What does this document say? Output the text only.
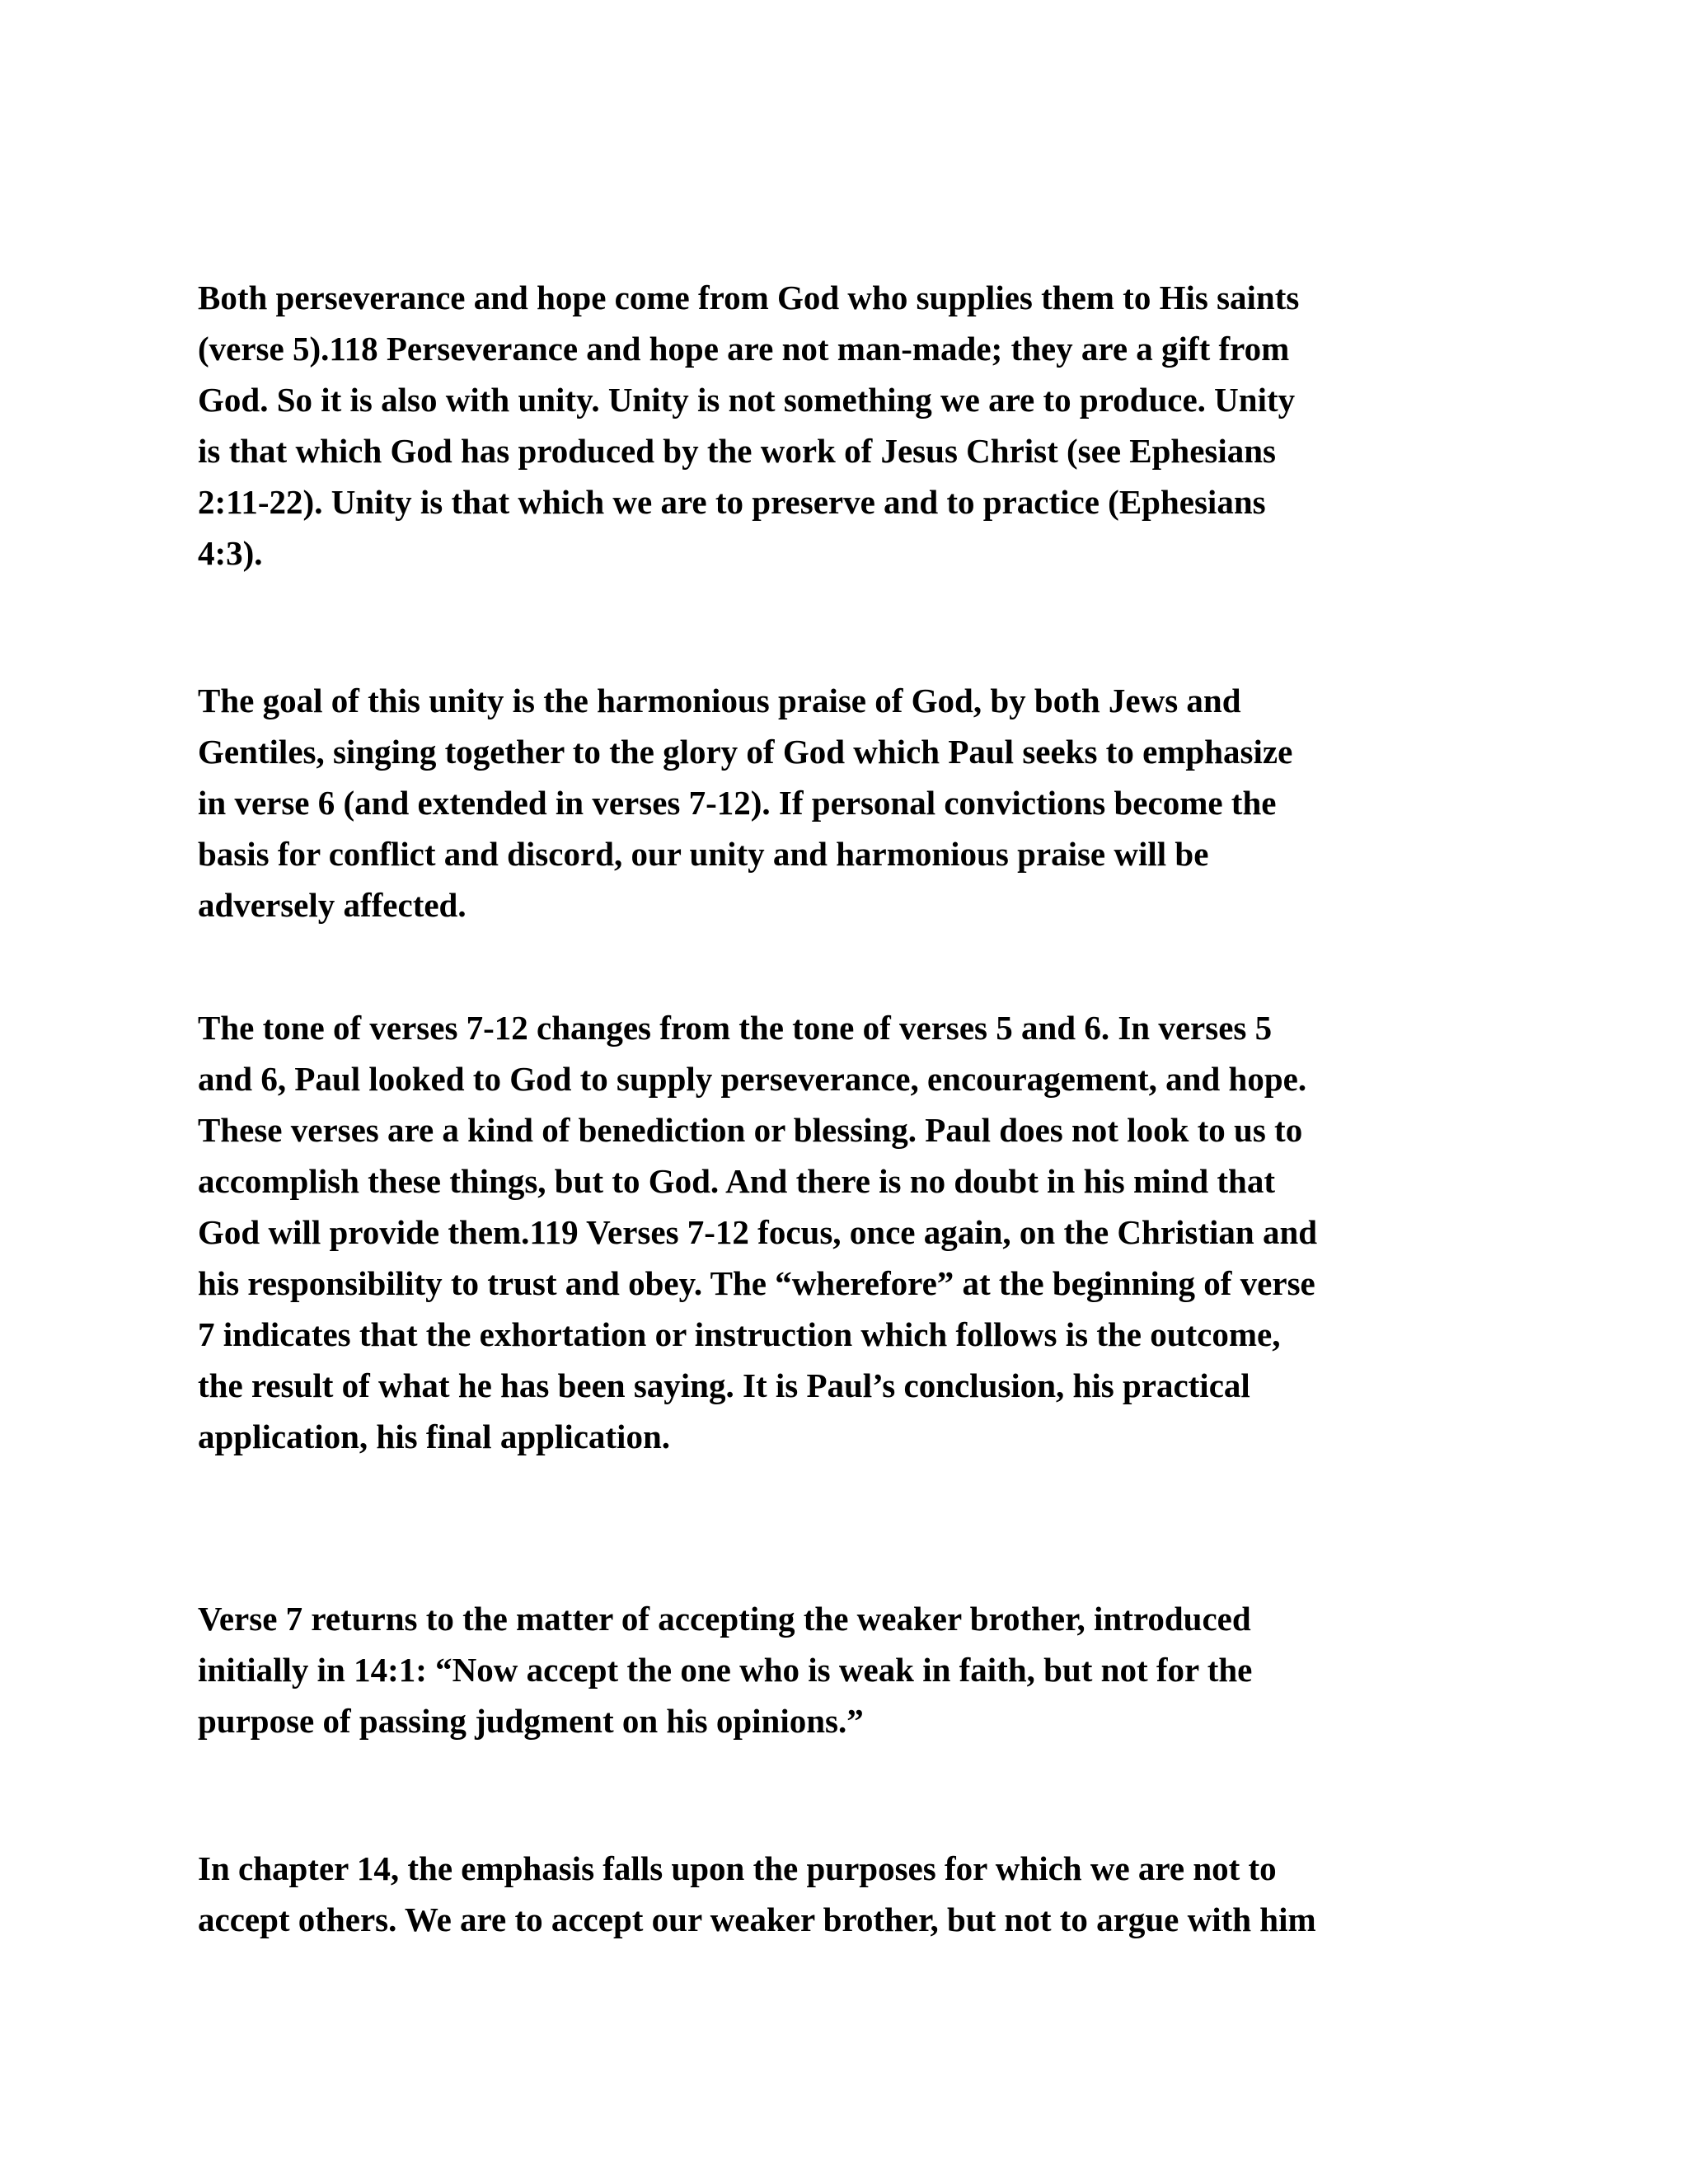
Both perseverance and hope come from God who supplies them to His saints
(verse 5).118 Perseverance and hope are not man-made; they are a gift from
God. So it is also with unity. Unity is not something we are to produce. Unity
is that which God has produced by the work of Jesus Christ (see Ephesians
2:11-22). Unity is that which we are to preserve and to practice (Ephesians
4:3).
The goal of this unity is the harmonious praise of God, by both Jews and
Gentiles, singing together to the glory of God which Paul seeks to emphasize
in verse 6 (and extended in verses 7-12). If personal convictions become the
basis for conflict and discord, our unity and harmonious praise will be
adversely affected.
The tone of verses 7-12 changes from the tone of verses 5 and 6. In verses 5
and 6, Paul looked to God to supply perseverance, encouragement, and hope.
These verses are a kind of benediction or blessing. Paul does not look to us to
accomplish these things, but to God. And there is no doubt in his mind that
God will provide them.119 Verses 7-12 focus, once again, on the Christian and
his responsibility to trust and obey. The “wherefore” at the beginning of verse
7 indicates that the exhortation or instruction which follows is the outcome,
the result of what he has been saying. It is Paul’s conclusion, his practical
application, his final application.
Verse 7 returns to the matter of accepting the weaker brother, introduced
initially in 14:1: “Now accept the one who is weak in faith, but not for the
purpose of passing judgment on his opinions.”
In chapter 14, the emphasis falls upon the purposes for which we are not to
accept others. We are to accept our weaker brother, but not to argue with him
